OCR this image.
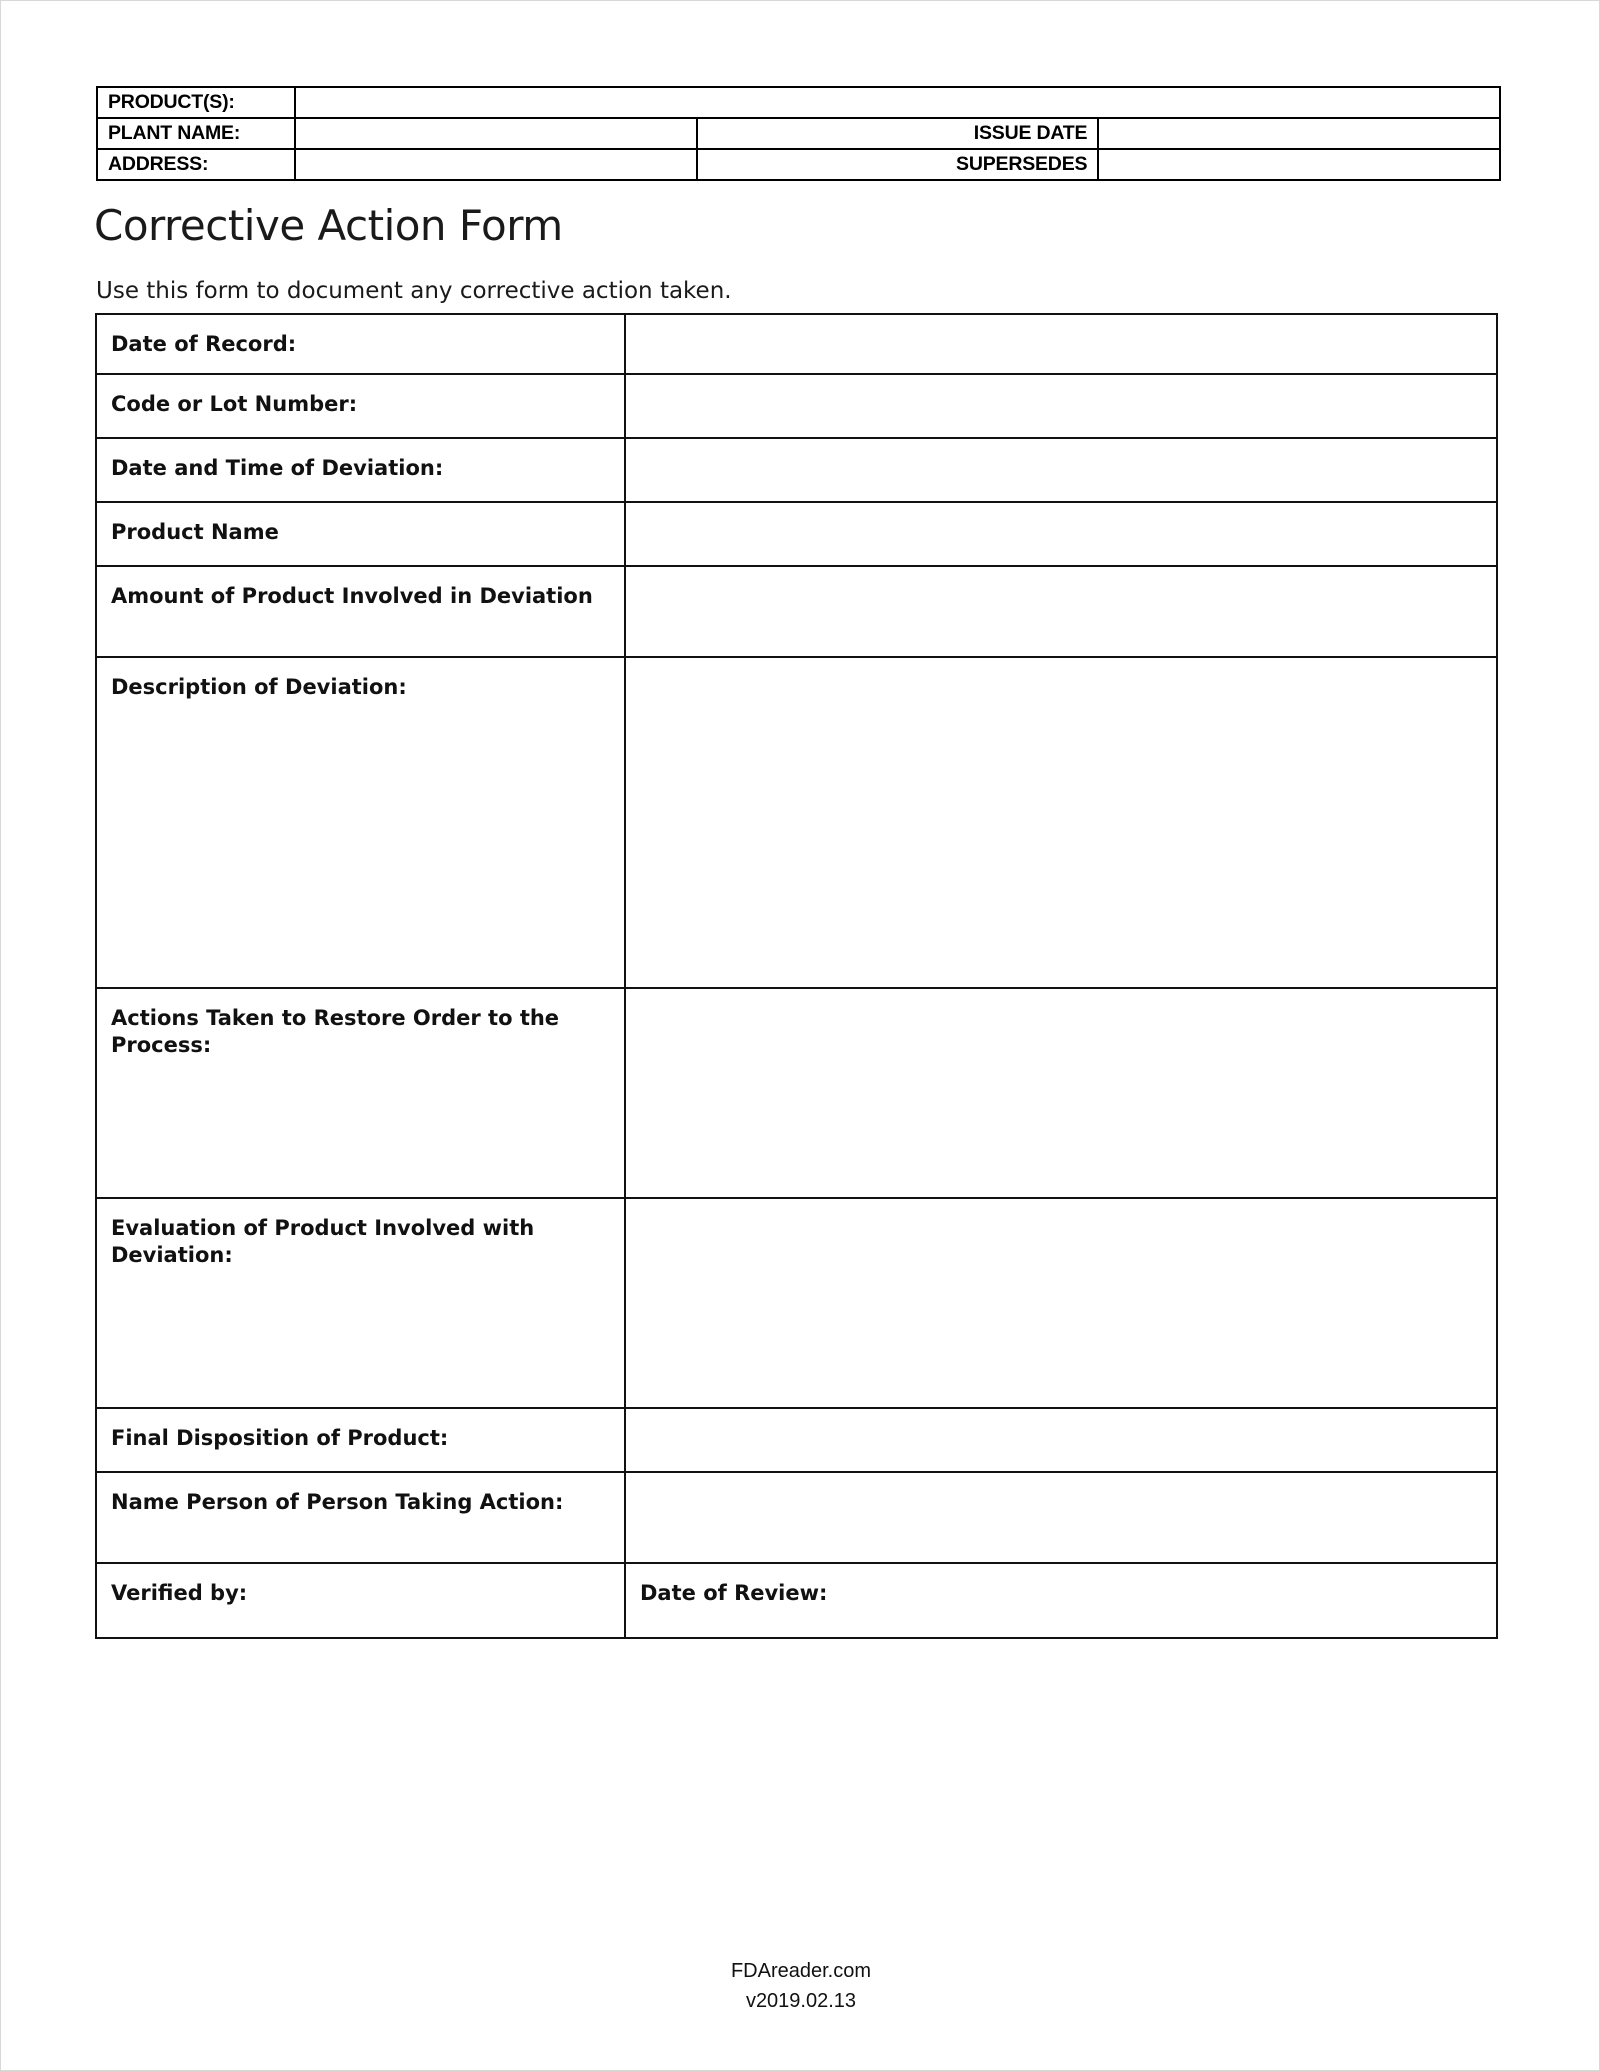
PRODUCT(S):			
PLANT NAME:		ISSUE DATE	
ADDRESS:		SUPERSEDES	
Corrective Action Form
Use this form to document any corrective action taken.
Date of Record:	
Code or Lot Number:	
Date and Time of Deviation:	
Product Name	
Amount of Product Involved in Deviation	
Description of Deviation:	
Actions Taken to Restore Order to the Process:	
Evaluation of Product Involved with Deviation:	
Final Disposition of Product:	
Name Person of Person Taking Action:	
Verified by:	Date of Review:
FDAreader.com
v2019.02.13
